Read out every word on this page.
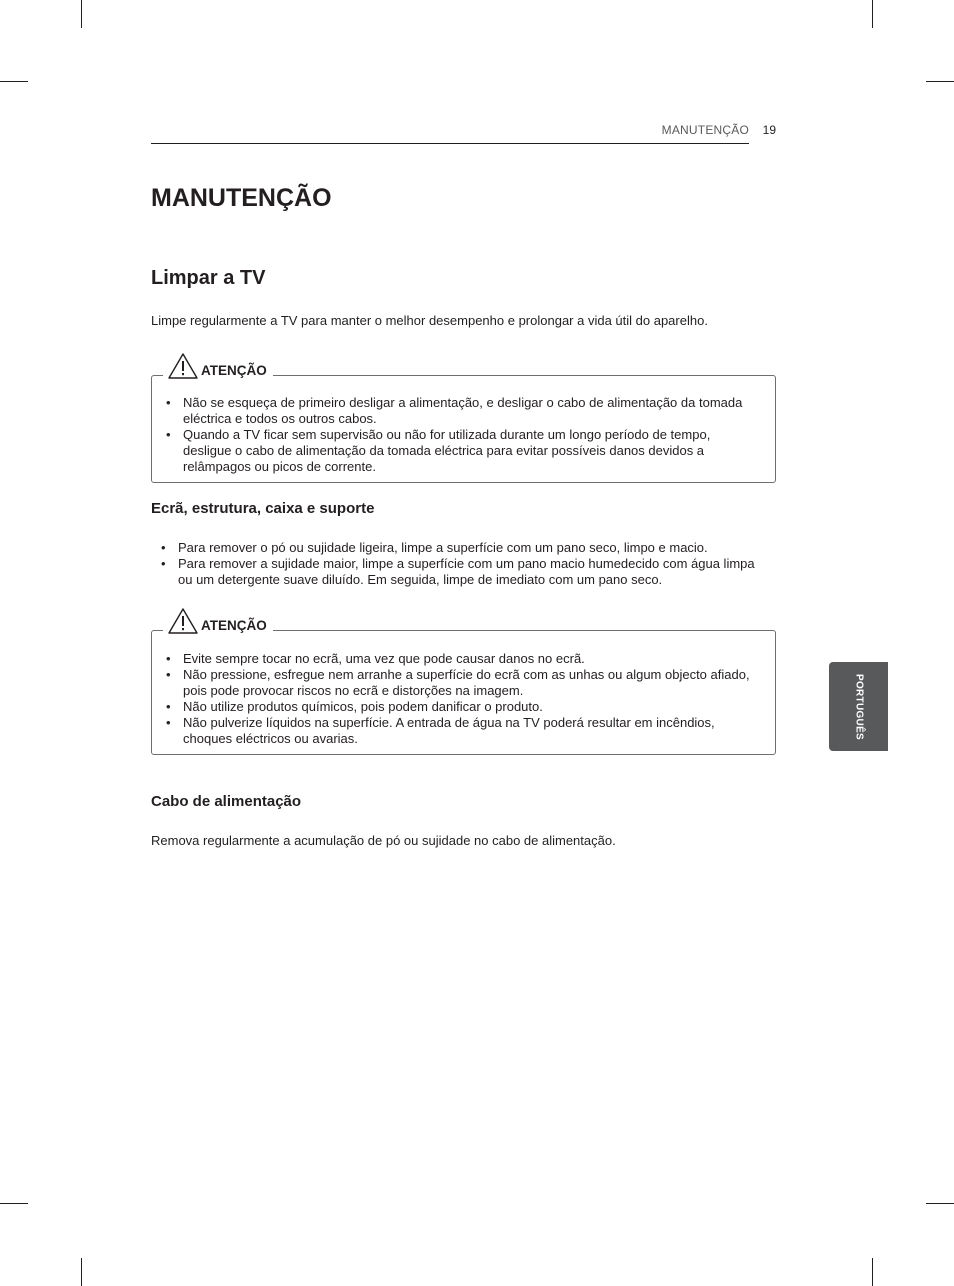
MANUTENÇÃO 19
MANUTENÇÃO
Limpar a TV

Limpe regularmente a TV para manter o melhor desempenho e prolongar a vida útil do aparelho.

ATENÇÃO
• Não se esqueça de primeiro desligar a alimentação, e desligar o cabo de alimentação da tomada
eléctrica e todos os outros cabos.
• Quando a TV ficar sem supervisão ou não for utilizada durante um longo período de tempo,
desligue o cabo de alimentação da tomada eléctrica para evitar possíveis danos devidos a
relâmpagos ou picos de corrente.
Ecrã, estrutura, caixa e suporte
• Para remover o pó ou sujidade ligeira, limpe a superfície com um pano seco, limpo e macio.
• Para remover a sujidade maior, limpe a superfície com um pano macio humedecido com água limpa
ou um detergente suave diluído. Em seguida, limpe de imediato com um pano seco.
ATENÇÃO
• Evite sempre tocar no ecrã, uma vez que pode causar danos no ecrã.
• Não pressione, esfregue nem arranhe a superfície do ecrã com as unhas ou algum objecto afiado,
pois pode provocar riscos no ecrã e distorções na imagem.
• Não utilize produtos químicos, pois podem danificar o produto.
• Não pulverize líquidos na superfície. A entrada de água na TV poderá resultar em incêndios,
choques eléctricos ou avarias.
Cabo de alimentação

Remova regularmente a acumulação de pó ou sujidade no cabo de alimentação.

PORTUGUÊS
